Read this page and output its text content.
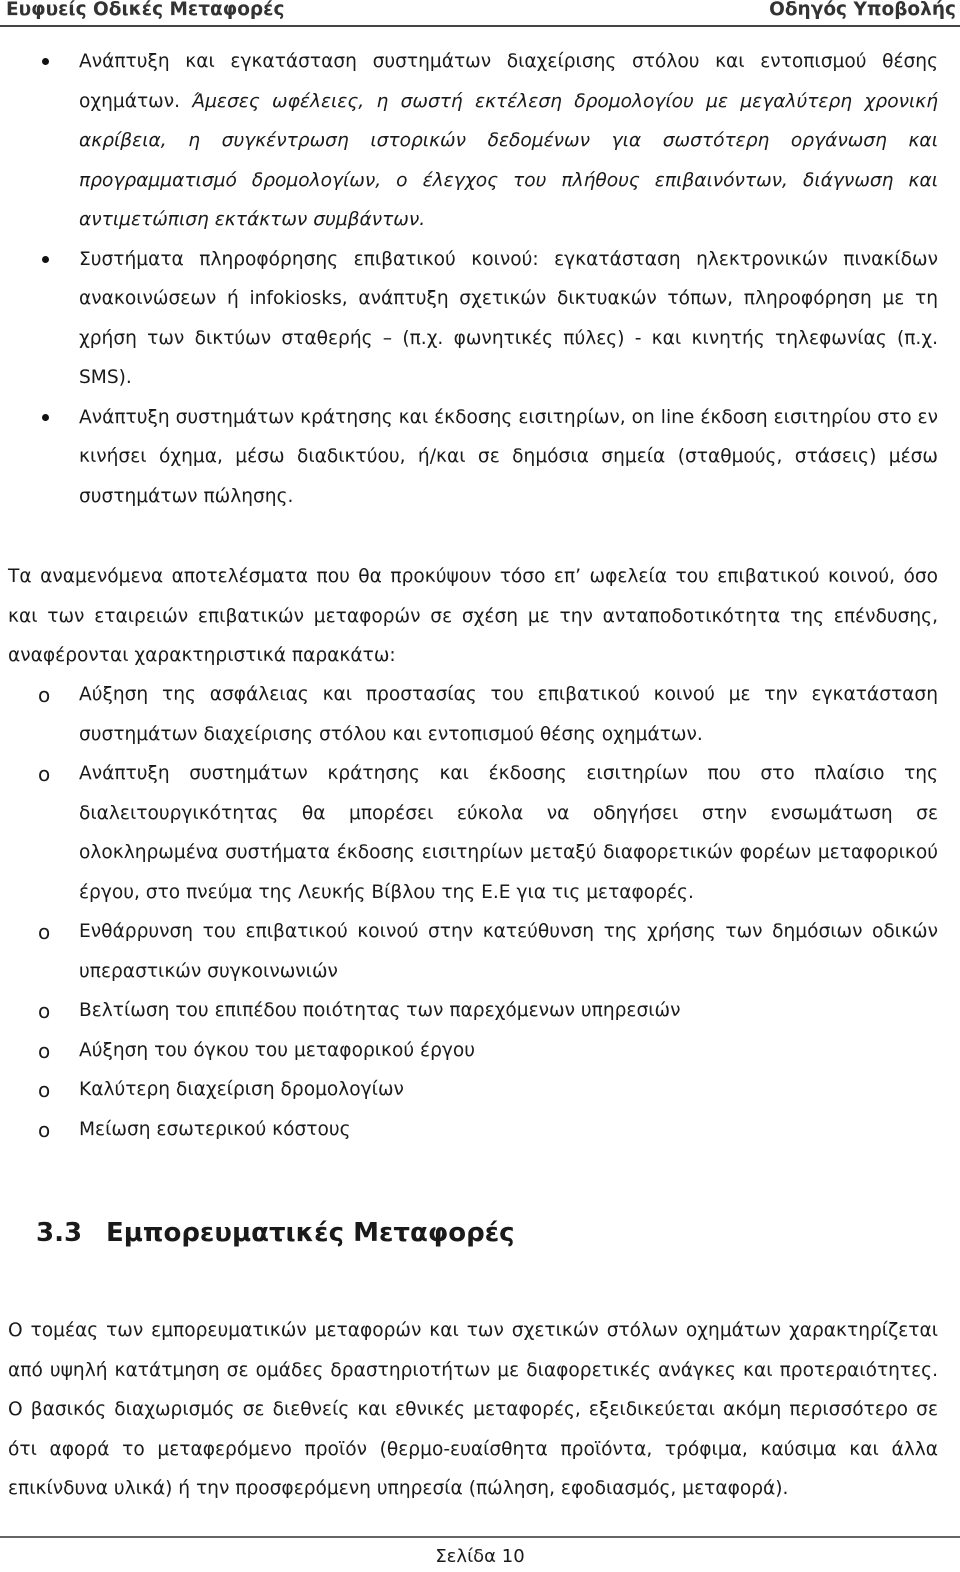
Ευφυείς Οδικές Μεταφορές	Οδηγός Υποβολής
Ανάπτυξη και εγκατάσταση συστημάτων διαχείρισης στόλου και εντοπισμού θέσης οχημάτων. Άμεσες ωφέλειες, η σωστή εκτέλεση δρομολογίου με μεγαλύτερη χρονική ακρίβεια, η συγκέντρωση ιστορικών δεδομένων για σωστότερη οργάνωση και προγραμματισμό δρομολογίων, ο έλεγχος του πλήθους επιβαινόντων, διάγνωση και αντιμετώπιση εκτάκτων συμβάντων.
Συστήματα πληροφόρησης επιβατικού κοινού: εγκατάσταση ηλεκτρονικών πινακίδων ανακοινώσεων ή infokiosks, ανάπτυξη σχετικών δικτυακών τόπων, πληροφόρηση με τη χρήση των δικτύων σταθερής – (π.χ. φωνητικές πύλες) - και κινητής τηλεφωνίας (π.χ. SMS).
Ανάπτυξη συστημάτων κράτησης και έκδοσης εισιτηρίων, on line έκδοση εισιτηρίου στο εν κινήσει όχημα, μέσω διαδικτύου, ή/και σε δημόσια σημεία (σταθμούς, στάσεις) μέσω συστημάτων πώλησης.
Τα αναμενόμενα αποτελέσματα που θα προκύψουν τόσο επ’ ωφελεία του επιβατικού κοινού, όσο και των εταιρειών επιβατικών μεταφορών σε σχέση με την ανταποδοτικότητα της επένδυσης, αναφέρονται χαρακτηριστικά παρακάτω:
o Αύξηση της ασφάλειας και προστασίας του επιβατικού κοινού με την εγκατάσταση συστημάτων διαχείρισης στόλου και εντοπισμού θέσης οχημάτων.
o Ανάπτυξη συστημάτων κράτησης και έκδοσης εισιτηρίων που στο πλαίσιο της διαλειτουργικότητας θα μπορέσει εύκολα να οδηγήσει στην ενσωμάτωση σε ολοκληρωμένα συστήματα έκδοσης εισιτηρίων μεταξύ διαφορετικών φορέων μεταφορικού έργου, στο πνεύμα της Λευκής Βίβλου της Ε.Ε για τις μεταφορές.
o Ενθάρρυνση του επιβατικού κοινού στην κατεύθυνση της χρήσης των δημόσιων οδικών υπεραστικών συγκοινωνιών
o Βελτίωση του επιπέδου ποιότητας των παρεχόμενων υπηρεσιών
o Αύξηση του όγκου του μεταφορικού έργου
o Καλύτερη διαχείριση δρομολογίων
o Μείωση εσωτερικού κόστους
3.3 Εμπορευματικές Μεταφορές
Ο τομέας των εμπορευματικών μεταφορών και των σχετικών στόλων οχημάτων χαρακτηρίζεται από υψηλή κατάτμηση σε ομάδες δραστηριοτήτων με διαφορετικές ανάγκες και προτεραιότητες. Ο βασικός διαχωρισμός σε διεθνείς και εθνικές μεταφορές, εξειδικεύεται ακόμη περισσότερο σε ότι αφορά το μεταφερόμενο προϊόν (θερμο-ευαίσθητα προϊόντα, τρόφιμα, καύσιμα και άλλα επικίνδυνα υλικά) ή την προσφερόμενη υπηρεσία (πώληση, εφοδιασμός, μεταφορά).
Σελίδα 10
